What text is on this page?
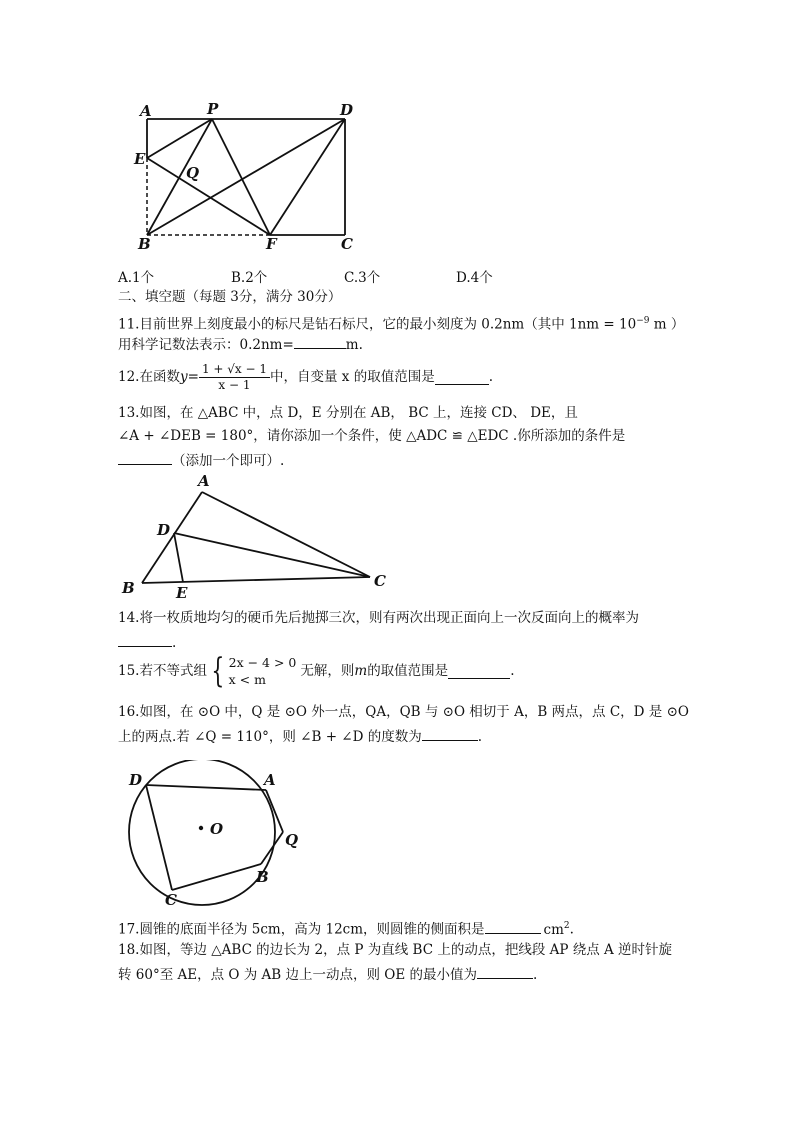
A	P	D
E
Q
B	F	C
A.1个	B.2个	C.3个	D.4个
二、填空题（每题 3分，满分 30分）
11.目前世界上刻度最小的标尺是钻石标尺，它的最小刻度为 0.2nm（其中 $1nm = 10^{-9}$ m ）
用科学记数法表示：0.2nm=	m.
12.在函数 $y = \frac{1 + √x - 1}{x - 1}$ 中，自变量 x 的取值范围是	.
13.如图，在 △ABC 中，点 D，E 分别在 AB， BC 上，连接 CD、 DE，且
∠A + ∠DEB = 180°，请你添加一个条件，使 △ADC ≌ △EDC .你所添加的条件是
（添加一个即可）.
A
D
B	E
C
14.将一枚质地均匀的硬币先后抛掷三次，则有两次出现正面向上一次反面向上的概率为
.
15.若不等式组 { 2x − 4 > 0
x < m
无解，则 m 的取值范围是	.
16.如图，在 ⊙O 中，Q 是 ⊙O 外一点，QA，QB 与 ⊙O 相切于 A，B 两点，点 C，D 是 ⊙O
上的两点.若 ∠Q = 110°，则 ∠B + ∠D 的度数为	.
D	A
O
Q
B
C
17.圆锥的底面半径为 5cm，高为 12cm，则圆锥的侧面积是	$cm^2$.
18.如图，等边 △ABC 的边长为 2，点 P 为直线 BC 上的动点，把线段 AP 绕点 A 逆时针旋
转 60°至 AE，点 O 为 AB 边上一动点，则 OE 的最小值为	.
